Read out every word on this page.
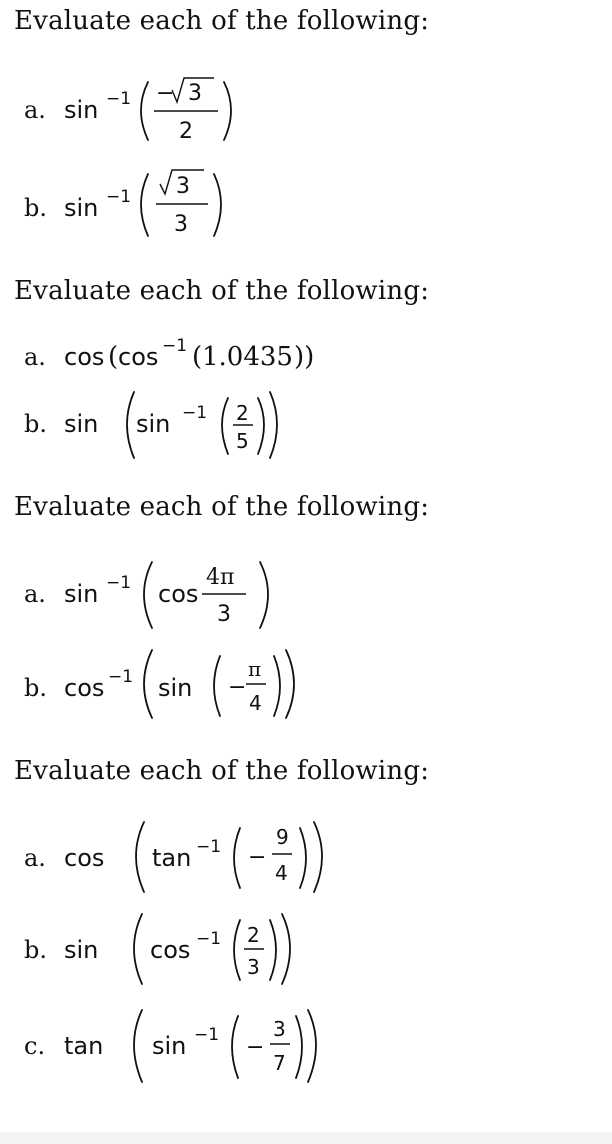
Evaluate each of the following:
a. sin −1 − 3
2
b. sin −1 3
3
Evaluate each of the following:
a. cos ( cos −1 ( 1.0435 ))
b. sin sin −1 2
5
Evaluate each of the following:
a. sin −1 cos
4π
3
b. cos −1 sin −
π
4
Evaluate each of the following:
a. cos tan −1 −
9
4
b. sin cos −1 2
3
c. tan sin −1 −
3
7
